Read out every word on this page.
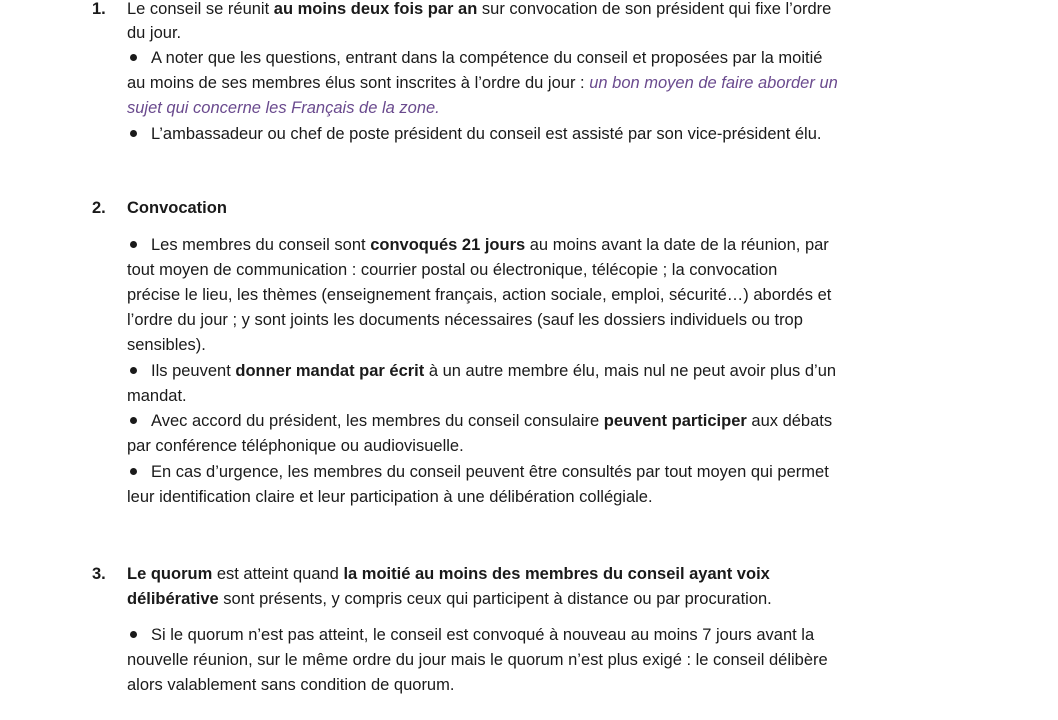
1. Le conseil se réunit au moins deux fois par an sur convocation de son président qui fixe l’ordre
du jour.
A noter que les questions, entrant dans la compétence du conseil et proposées par la moitié
au moins de ses membres élus sont inscrites à l’ordre du jour : un bon moyen de faire aborder un
sujet qui concerne les Français de la zone.
L’ambassadeur ou chef de poste président du conseil est assisté par son vice-président élu.
2. Convocation
Les membres du conseil sont convoqués 21 jours au moins avant la date de la réunion, par
tout moyen de communication : courrier postal ou électronique, télécopie ; la convocation
précise le lieu, les thèmes (enseignement français, action sociale, emploi, sécurité…) abordés et
l’ordre du jour ; y sont joints les documents nécessaires (sauf les dossiers individuels ou trop
sensibles).
Ils peuvent donner mandat par écrit à un autre membre élu, mais nul ne peut avoir plus d’un
mandat.
Avec accord du président, les membres du conseil consulaire peuvent participer aux débats
par conférence téléphonique ou audiovisuelle.
En cas d’urgence, les membres du conseil peuvent être consultés par tout moyen qui permet
leur identification claire et leur participation à une délibération collégiale.
3. Le quorum est atteint quand la moitié au moins des membres du conseil ayant voix
délibérative sont présents, y compris ceux qui participent à distance ou par procuration.
Si le quorum n’est pas atteint, le conseil est convoqué à nouveau au moins 7 jours avant la
nouvelle réunion, sur le même ordre du jour mais le quorum n’est plus exigé : le conseil délibère
alors valablement sans condition de quorum.
